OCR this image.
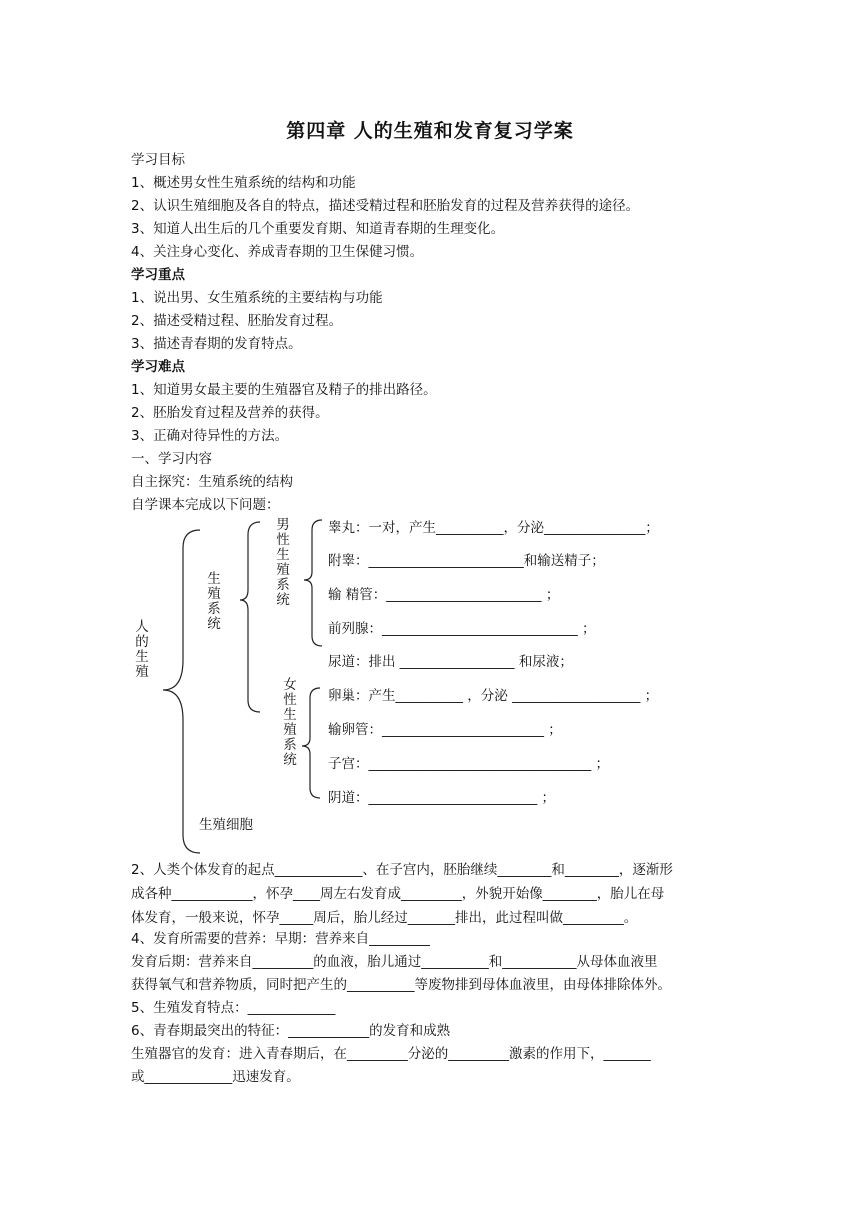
第四章 人的生殖和发育复习学案
学习目标
1、概述男女性生殖系统的结构和功能
2、认识生殖细胞及各自的特点，描述受精过程和胚胎发育的过程及营养获得的途径。
3、知道人出生后的几个重要发育期、知道青春期的生理变化。
4、关注身心变化、养成青春期的卫生保健习惯。
学习重点
1、说出男、女生殖系统的主要结构与功能
2、描述受精过程、胚胎发育过程。
3、描述青春期的发育特点。
学习难点
1、知道男女最主要的生殖器官及精子的排出路径。
2、胚胎发育过程及营养的获得。
3、正确对待异性的方法。
一、学习内容
自主探究：生殖系统的结构
自学课本完成以下问题：
人的生殖
生殖系统
男性生殖系统
女性生殖系统
生殖细胞
睾丸：一对，产生__________，分泌_______________；
附睾：_______________________和输送精子；
输 精管：_______________________ ；
前列腺：_____________________________ ；
尿道：排出 _________________ 和尿液；
卵巢：产生__________ ，分泌 ___________________ ；
输卵管：________________________ ；
子宫：_________________________________ ；
阴道：_________________________ ；
2、人类个体发育的起点_____________、在子宫内，胚胎继续________和________，逐渐形
成各种____________，怀孕____周左右发育成_________，外貌开始像________，胎儿在母
体发育，一般来说，怀孕_____周后，胎儿经过_______排出，此过程叫做_________。
4、发育所需要的营养：早期：营养来自_________
发育后期：营养来自_________的血液，胎儿通过__________和___________从母体血液里
获得氧气和营养物质，同时把产生的__________等废物排到母体血液里，由母体排除体外。
5、生殖发育特点：_____________
6、青春期最突出的特征：____________的发育和成熟
生殖器官的发育：进入青春期后，在_________分泌的_________激素的作用下，_______
或_____________迅速发育。
